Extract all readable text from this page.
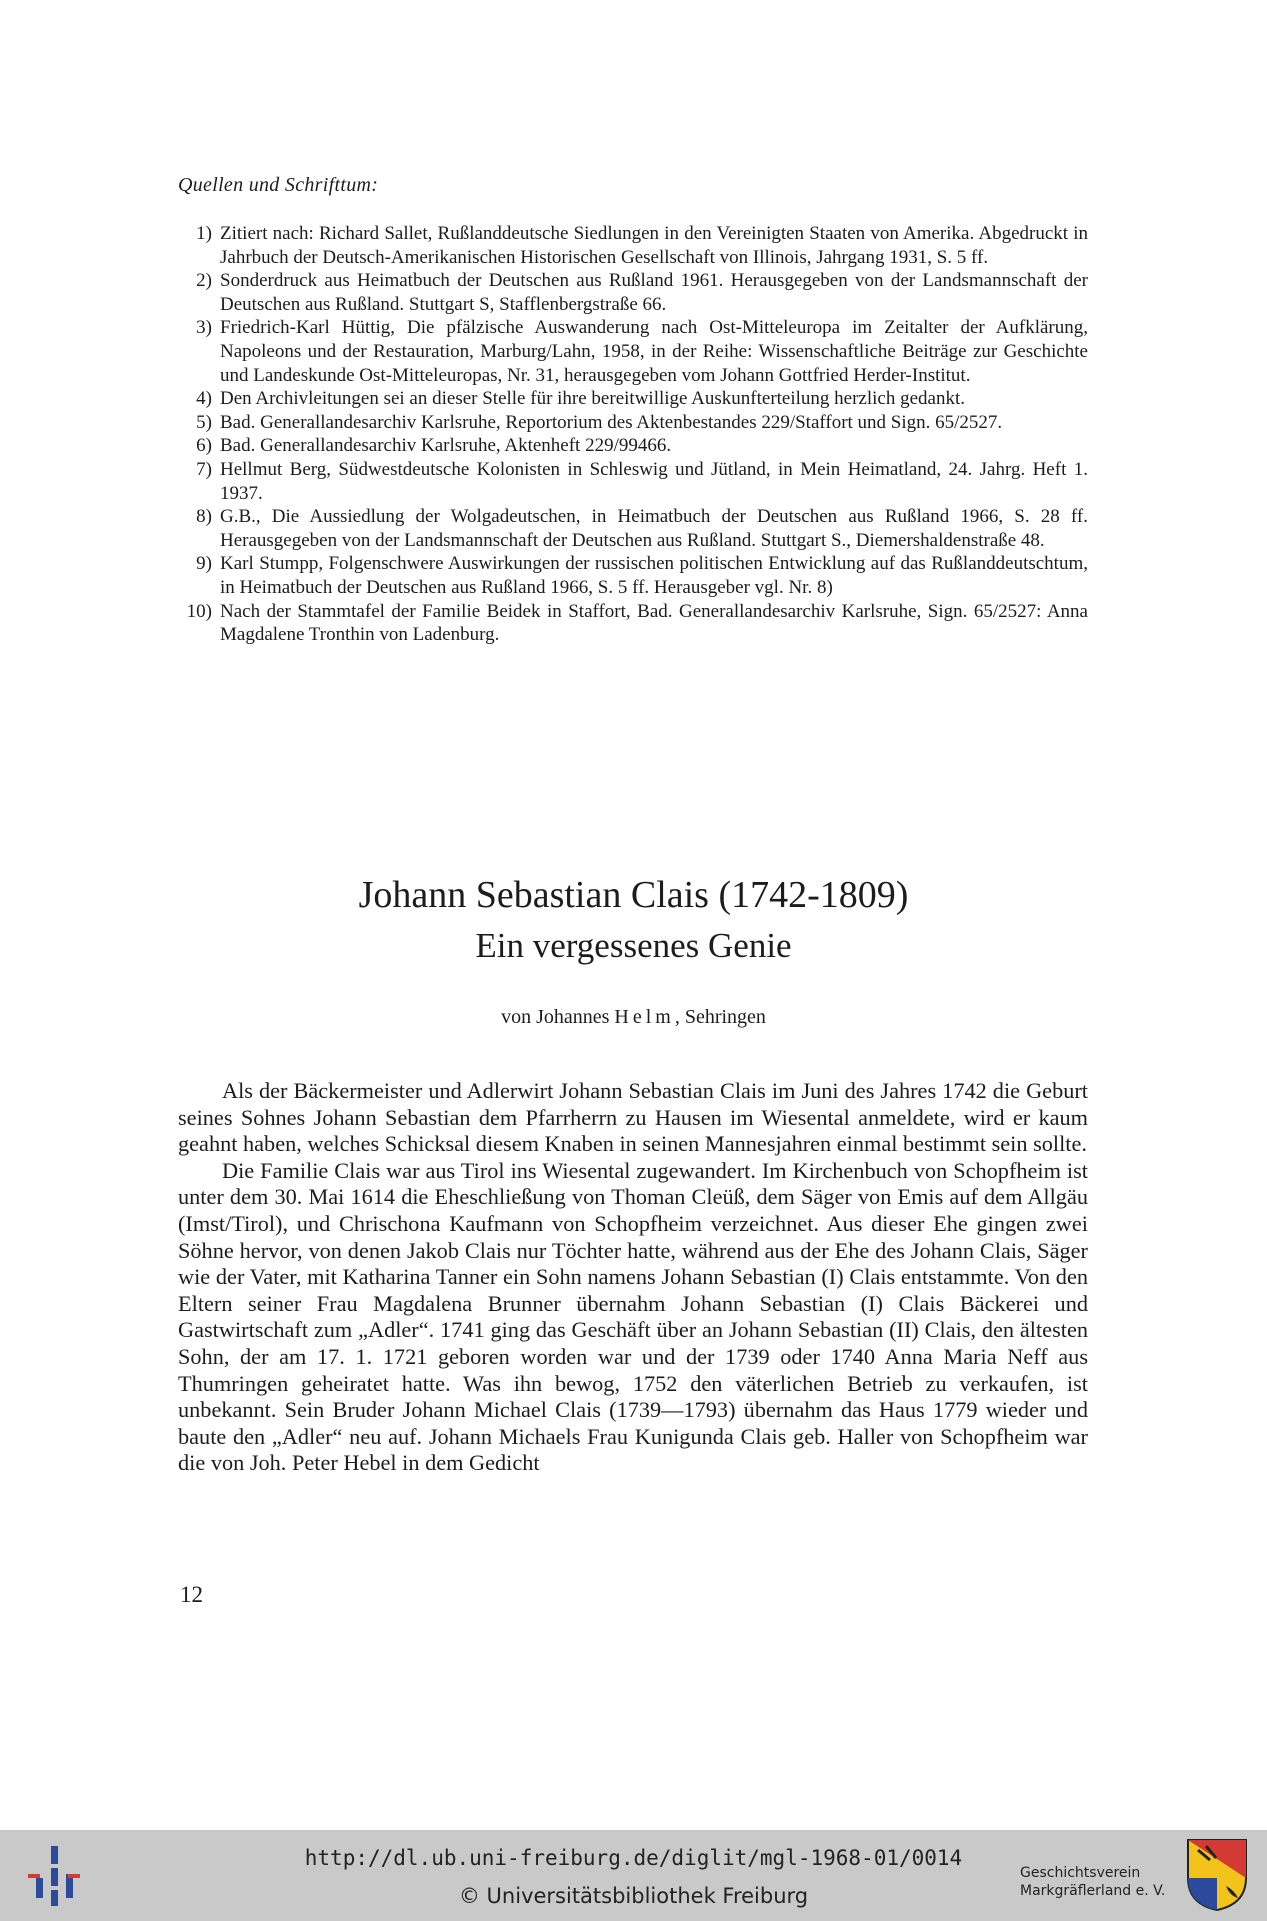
Quellen und Schrifttum:
1) Zitiert nach: Richard Sallet, Rußlanddeutsche Siedlungen in den Vereinigten Staaten von Amerika. Abgedruckt in Jahrbuch der Deutsch-Amerikanischen Historischen Gesellschaft von Illinois, Jahrgang 1931, S. 5 ff.
2) Sonderdruck aus Heimatbuch der Deutschen aus Rußland 1961. Herausgegeben von der Landsmannschaft der Deutschen aus Rußland. Stuttgart S, Stafflenbergstraße 66.
3) Friedrich-Karl Hüttig, Die pfälzische Auswanderung nach Ost-Mitteleuropa im Zeitalter der Aufklärung, Napoleons und der Restauration, Marburg/Lahn, 1958, in der Reihe: Wissenschaftliche Beiträge zur Geschichte und Landeskunde Ost-Mitteleuropas, Nr. 31, herausgegeben vom Johann Gottfried Herder-Institut.
4) Den Archivleitungen sei an dieser Stelle für ihre bereitwillige Auskunfterteilung herzlich gedankt.
5) Bad. Generallandesarchiv Karlsruhe, Reportorium des Aktenbestandes 229/Staffort und Sign. 65/2527.
6) Bad. Generallandesarchiv Karlsruhe, Aktenheft 229/99466.
7) Hellmut Berg, Südwestdeutsche Kolonisten in Schleswig und Jütland, in Mein Heimatland, 24. Jahrg. Heft 1. 1937.
8) G.B., Die Aussiedlung der Wolgadeutschen, in Heimatbuch der Deutschen aus Rußland 1966, S. 28 ff. Herausgegeben von der Landsmannschaft der Deutschen aus Rußland. Stuttgart S., Diemershaldenstraße 48.
9) Karl Stumpp, Folgenschwere Auswirkungen der russischen politischen Entwicklung auf das Rußlanddeutschtum, in Heimatbuch der Deutschen aus Rußland 1966, S. 5 ff. Herausgeber vgl. Nr. 8)
10) Nach der Stammtafel der Familie Beidek in Staffort, Bad. Generallandesarchiv Karlsruhe, Sign. 65/2527: Anna Magdalene Tronthin von Ladenburg.
Johann Sebastian Clais (1742-1809)
Ein vergessenes Genie
von Johannes Helm, Sehringen

Als der Bäckermeister und Adlerwirt Johann Sebastian Clais im Juni des Jahres 1742 die Geburt seines Sohnes Johann Sebastian dem Pfarrherrn zu Hausen im Wiesental anmeldete, wird er kaum geahnt haben, welches Schicksal diesem Knaben in seinen Mannesjahren einmal bestimmt sein sollte.

Die Familie Clais war aus Tirol ins Wiesental zugewandert. Im Kirchenbuch von Schopfheim ist unter dem 30. Mai 1614 die Eheschließung von Thoman Cleüß, dem Säger von Emis auf dem Allgäu (Imst/Tirol), und Chrischona Kaufmann von Schopfheim verzeichnet. Aus dieser Ehe gingen zwei Söhne hervor, von denen Jakob Clais nur Töchter hatte, während aus der Ehe des Johann Clais, Säger wie der Vater, mit Katharina Tanner ein Sohn namens Johann Sebastian (I) Clais entstammte. Von den Eltern seiner Frau Magdalena Brunner übernahm Johann Sebastian (I) Clais Bäckerei und Gastwirtschaft zum „Adler“. 1741 ging das Geschäft über an Johann Sebastian (II) Clais, den ältesten Sohn, der am 17. 1. 1721 geboren worden war und der 1739 oder 1740 Anna Maria Neff aus Thumringen geheiratet hatte. Was ihn bewog, 1752 den väterlichen Betrieb zu verkaufen, ist unbekannt. Sein Bruder Johann Michael Clais (1739—1793) übernahm das Haus 1779 wieder und baute den „Adler“ neu auf. Johann Michaels Frau Kunigunda Clais geb. Haller von Schopfheim war die von Joh. Peter Hebel in dem Gedicht

12
http://dl.ub.uni-freiburg.de/diglit/mgl-1968-01/0014
© Universitätsbibliothek Freiburg
Geschichtsverein
Markgräflerland e. V.
